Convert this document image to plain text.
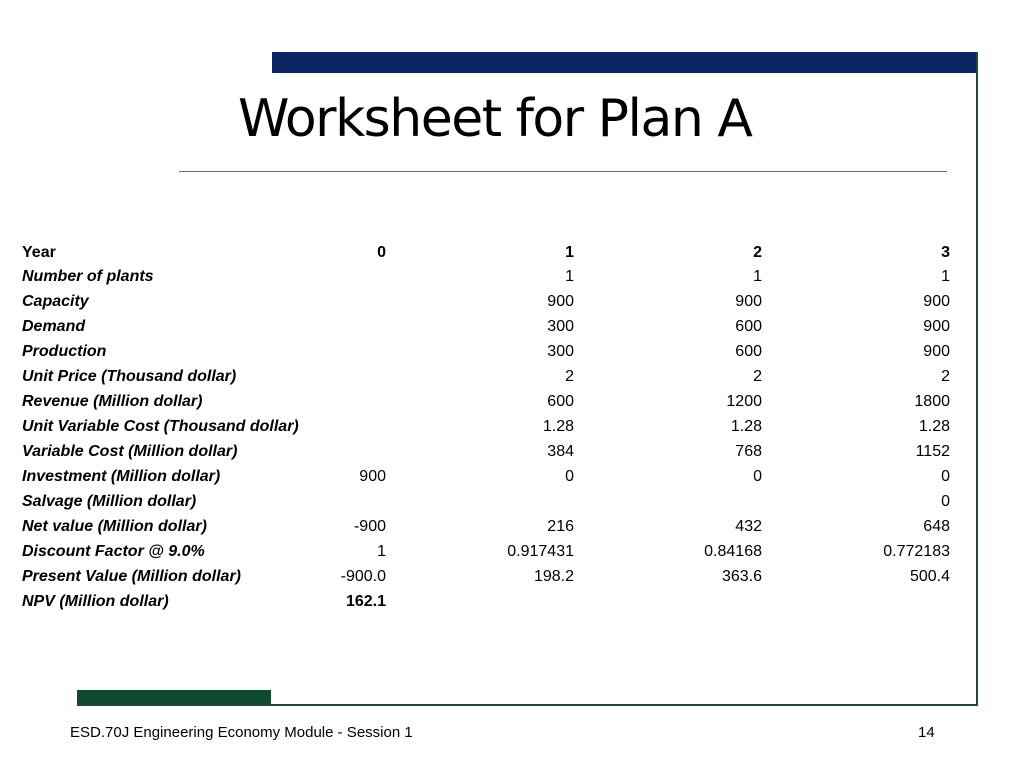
Worksheet for Plan A
Year	0	1	2	3
Number of plants		1	1	1
Capacity		900	900	900
Demand		300	600	900
Production		300	600	900
Unit Price (Thousand dollar)		2	2	2
Revenue (Million dollar)		600	1200	1800
Unit Variable Cost (Thousand dollar)		1.28	1.28	1.28
Variable Cost (Million dollar)		384	768	1152
Investment (Million dollar)	900	0	0	0
Salvage (Million dollar)				0
Net value (Million dollar)	-900	216	432	648
Discount Factor @ 9.0%	1	0.917431	0.84168	0.772183
Present Value (Million dollar)	-900.0	198.2	363.6	500.4
NPV (Million dollar)	162.1			
ESD.70J Engineering Economy Module - Session 1	14
